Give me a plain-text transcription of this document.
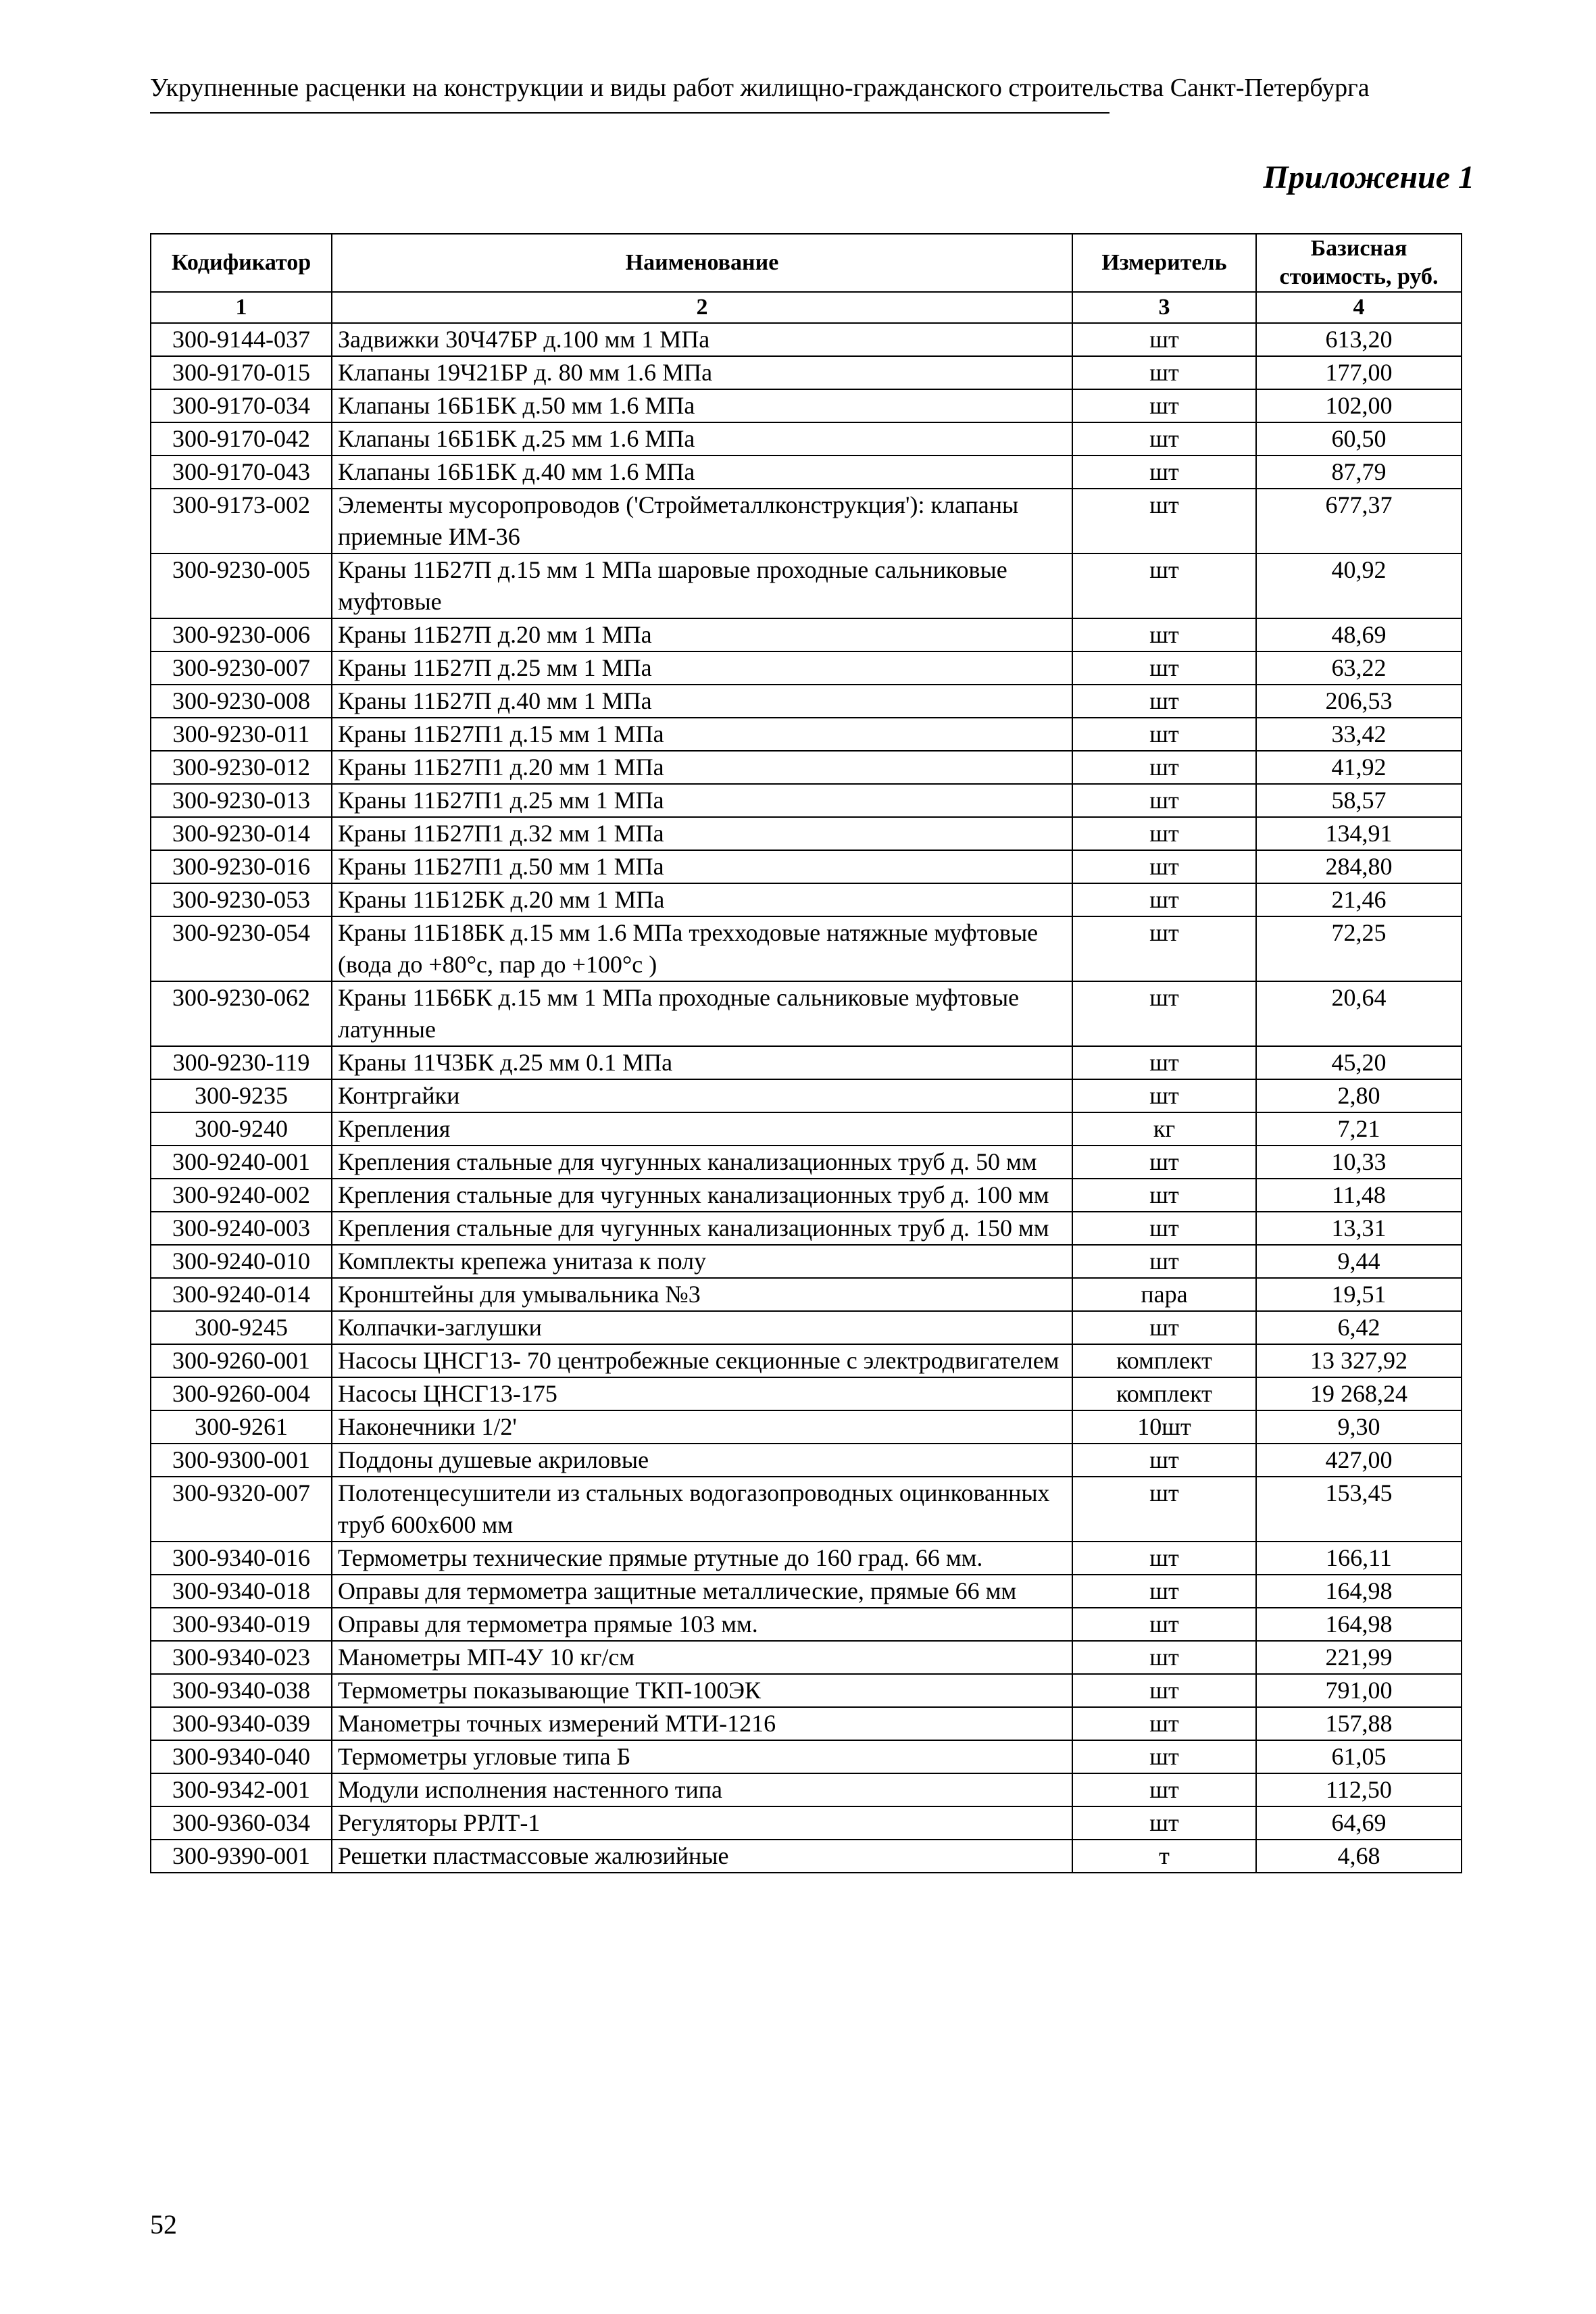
Укрупненные расценки на конструкции и виды работ жилищно-гражданского строительства Санкт-Петербурга
Приложение 1
Кодификатор	Наименование	Измеритель	Базисная стоимость, руб.
1	2	3	4
300-9144-037	Задвижки 30Ч47БР д.100 мм 1 МПа	шт	613,20
300-9170-015	Клапаны 19Ч21БР д. 80 мм 1.6 МПа	шт	177,00
300-9170-034	Клапаны 16Б1БК д.50 мм 1.6 МПа	шт	102,00
300-9170-042	Клапаны 16Б1БК д.25 мм 1.6 МПа	шт	60,50
300-9170-043	Клапаны 16Б1БК д.40 мм 1.6 МПа	шт	87,79
300-9173-002	Элементы мусоропроводов ('Стройметаллконструкция'): клапаны приемные ИМ-36	шт	677,37
300-9230-005	Краны 11Б27П д.15 мм 1 МПа шаровые проходные сальниковые муфтовые	шт	40,92
300-9230-006	Краны 11Б27П д.20 мм 1 МПа	шт	48,69
300-9230-007	Краны 11Б27П д.25 мм 1 МПа	шт	63,22
300-9230-008	Краны 11Б27П д.40 мм 1 МПа	шт	206,53
300-9230-011	Краны 11Б27П1 д.15 мм 1 МПа	шт	33,42
300-9230-012	Краны 11Б27П1 д.20 мм 1 МПа	шт	41,92
300-9230-013	Краны 11Б27П1 д.25 мм 1 МПа	шт	58,57
300-9230-014	Краны 11Б27П1 д.32 мм 1 МПа	шт	134,91
300-9230-016	Краны 11Б27П1 д.50 мм 1 МПа	шт	284,80
300-9230-053	Краны 11Б12БК д.20 мм 1 МПа	шт	21,46
300-9230-054	Краны 11Б18БК д.15 мм 1.6 МПа трехходовые натяжные муфтовые (вода до +80°с, пар до +100°с )	шт	72,25
300-9230-062	Краны 11Б6БК д.15 мм 1 МПа проходные сальниковые муфтовые латунные	шт	20,64
300-9230-119	Краны 11Ч3БК д.25 мм 0.1 МПа	шт	45,20
300-9235	Контргайки	шт	2,80
300-9240	Крепления	кг	7,21
300-9240-001	Крепления стальные для чугунных канализационных труб д. 50 мм	шт	10,33
300-9240-002	Крепления стальные для чугунных канализационных труб д. 100 мм	шт	11,48
300-9240-003	Крепления стальные для чугунных канализационных труб д. 150 мм	шт	13,31
300-9240-010	Комплекты крепежа унитаза к полу	шт	9,44
300-9240-014	Кронштейны для умывальника №3	пара	19,51
300-9245	Колпачки-заглушки	шт	6,42
300-9260-001	Насосы ЦНСГ13- 70 центробежные секционные с электродвигателем	комплект	13 327,92
300-9260-004	Насосы ЦНСГ13-175	комплект	19 268,24
300-9261	Наконечники 1/2'	10шт	9,30
300-9300-001	Поддоны душевые акриловые	шт	427,00
300-9320-007	Полотенцесушители из стальных водогазопроводных оцинкованных труб 600х600 мм	шт	153,45
300-9340-016	Термометры технические прямые ртутные до 160 град. 66 мм.	шт	166,11
300-9340-018	Оправы для термометра защитные металлические, прямые 66 мм	шт	164,98
300-9340-019	Оправы для термометра прямые 103 мм.	шт	164,98
300-9340-023	Манометры МП-4У 10 кг/см	шт	221,99
300-9340-038	Термометры показывающие ТКП-100ЭК	шт	791,00
300-9340-039	Манометры точных измерений МТИ-1216	шт	157,88
300-9340-040	Термометры угловые типа Б	шт	61,05
300-9342-001	Модули исполнения настенного типа	шт	112,50
300-9360-034	Регуляторы РРЛТ-1	шт	64,69
300-9390-001	Решетки пластмассовые жалюзийные	т	4,68
52
